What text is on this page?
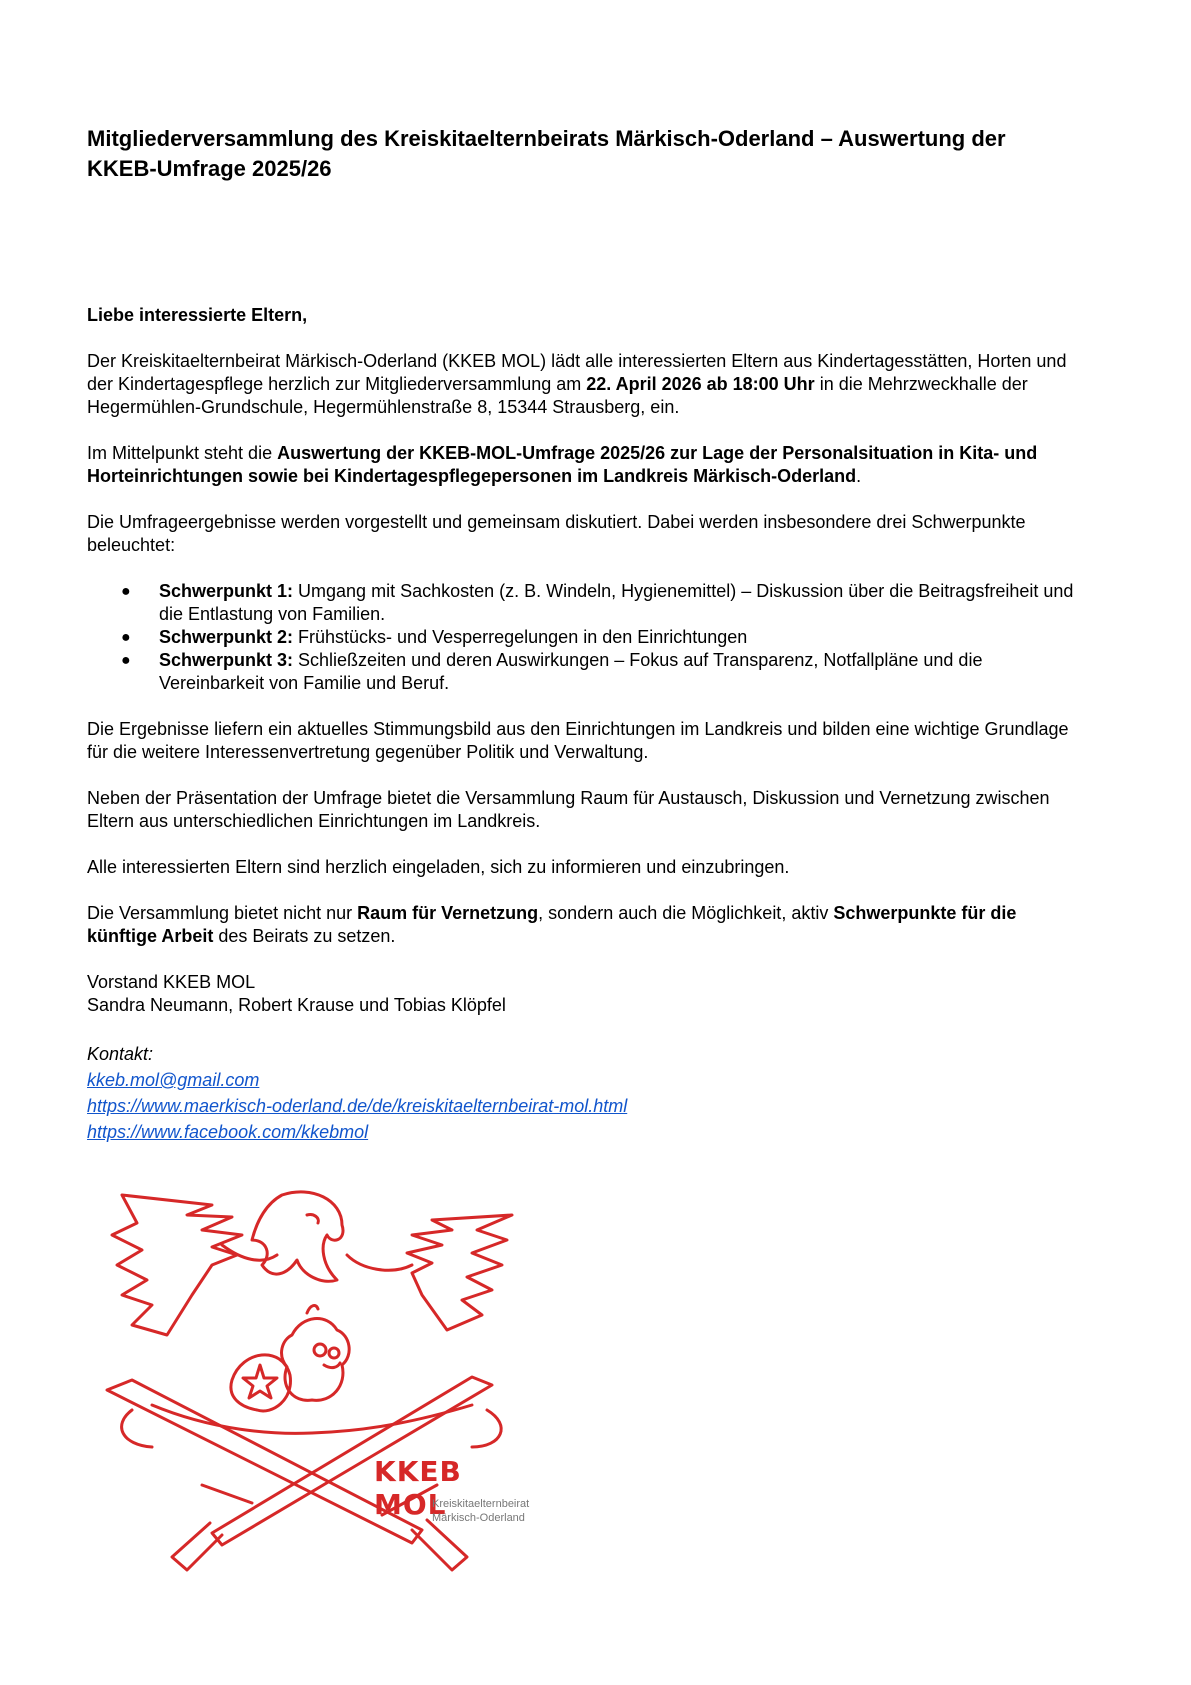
Mitgliederversammlung des Kreiskitaelternbeirats Märkisch-Oderland – Auswertung der KKEB-Umfrage 2025/26

Liebe interessierte Eltern,

Der Kreiskitaelternbeirat Märkisch-Oderland (KKEB MOL) lädt alle interessierten Eltern aus Kindertagesstätten, Horten und der Kindertagespflege herzlich zur Mitgliederversammlung am 22. April 2026 ab 18:00 Uhr in die Mehrzweckhalle der Hegermühlen-Grundschule, Hegermühlenstraße 8, 15344 Strausberg, ein.

Im Mittelpunkt steht die Auswertung der KKEB-MOL-Umfrage 2025/26 zur Lage der Personalsituation in Kita- und Horteinrichtungen sowie bei Kindertagespflegepersonen im Landkreis Märkisch-Oderland.

Die Umfrageergebnisse werden vorgestellt und gemeinsam diskutiert. Dabei werden insbesondere drei Schwerpunkte beleuchtet:

● Schwerpunkt 1: Umgang mit Sachkosten (z. B. Windeln, Hygienemittel) – Diskussion über die Beitragsfreiheit und die Entlastung von Familien.
● Schwerpunkt 2: Frühstücks- und Vesperregelungen in den Einrichtungen
● Schwerpunkt 3: Schließzeiten und deren Auswirkungen – Fokus auf Transparenz, Notfallpläne und die Vereinbarkeit von Familie und Beruf.

Die Ergebnisse liefern ein aktuelles Stimmungsbild aus den Einrichtungen im Landkreis und bilden eine wichtige Grundlage für die weitere Interessenvertretung gegenüber Politik und Verwaltung.

Neben der Präsentation der Umfrage bietet die Versammlung Raum für Austausch, Diskussion und Vernetzung zwischen Eltern aus unterschiedlichen Einrichtungen im Landkreis.

Alle interessierten Eltern sind herzlich eingeladen, sich zu informieren und einzubringen.

Die Versammlung bietet nicht nur Raum für Vernetzung, sondern auch die Möglichkeit, aktiv Schwerpunkte für die künftige Arbeit des Beirats zu setzen.

Vorstand KKEB MOL

Sandra Neumann, Robert Krause und Tobias Klöpfel

Kontakt:
kkeb.mol@gmail.com
https://www.maerkisch-oderland.de/de/kreiskitaelternbeirat-mol.html
https://www.facebook.com/kkebmol
KKEB MOL
Kreiskitaelternbeirat
Märkisch-Oderland
